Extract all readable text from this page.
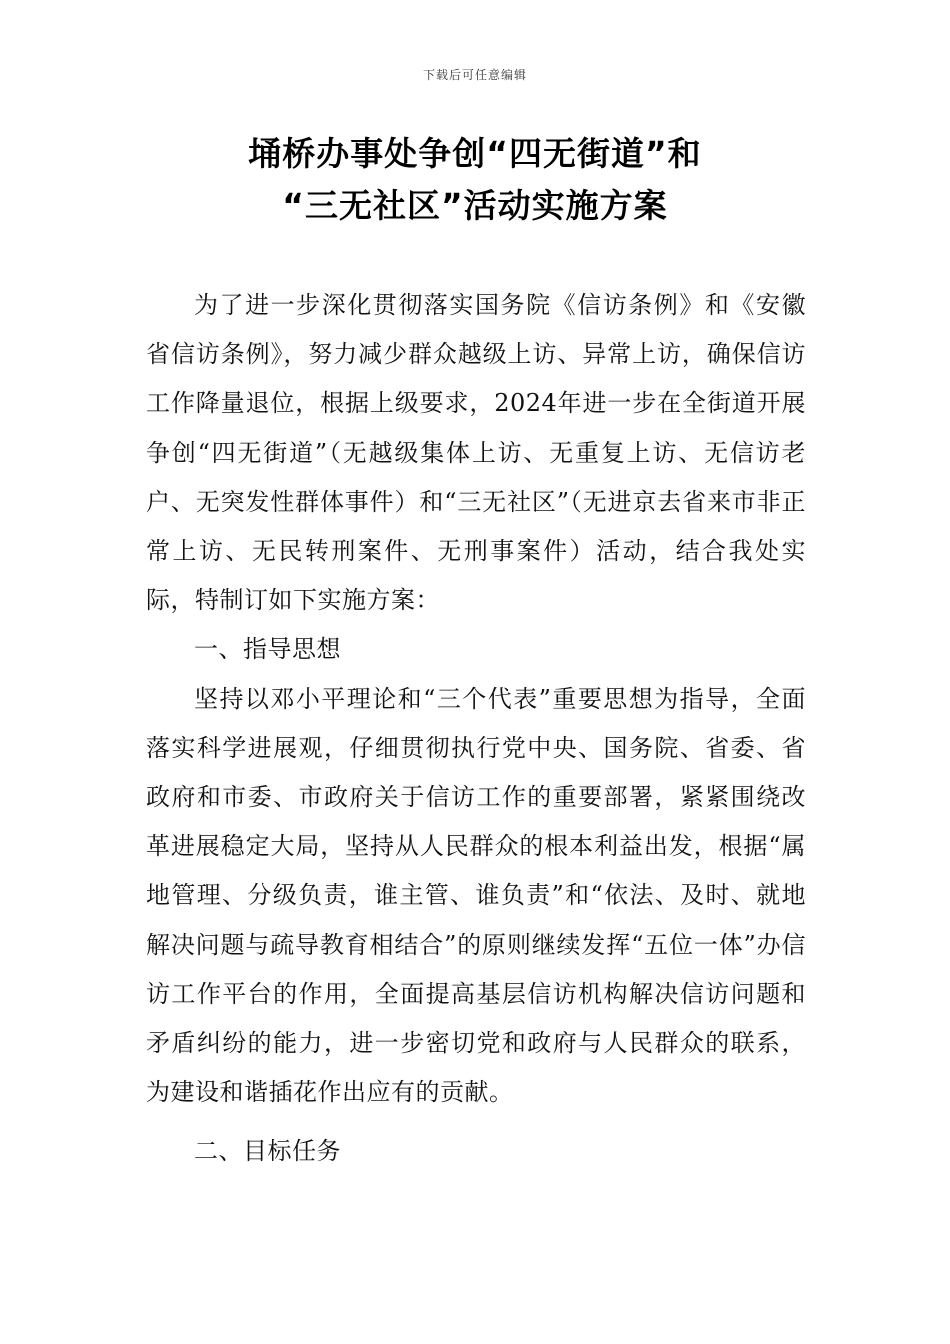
下载后可任意编辑
埇桥办事处争创“四无街道”和
“三无社区”活动实施方案

为了进一步深化贯彻落实国务院《信访条例》和《安徽省信访条例》，努力减少群众越级上访、异常上访，确保信访工作降量退位，根据上级要求，2024年进一步在全街道开展争创“四无街道”（无越级集体上访、无重复上访、无信访老户、无突发性群体事件）和“三无社区”（无进京去省来市非正常上访、无民转刑案件、无刑事案件）活动，结合我处实际，特制订如下实施方案：

一、指导思想

坚持以邓小平理论和“三个代表”重要思想为指导，全面落实科学进展观，仔细贯彻执行党中央、国务院、省委、省政府和市委、市政府关于信访工作的重要部署，紧紧围绕改革进展稳定大局，坚持从人民群众的根本利益出发，根据“属地管理、分级负责，谁主管、谁负责”和“依法、及时、就地解决问题与疏导教育相结合”的原则继续发挥“五位一体”办信访工作平台的作用，全面提高基层信访机构解决信访问题和矛盾纠纷的能力，进一步密切党和政府与人民群众的联系，为建设和谐插花作出应有的贡献。

二、目标任务
